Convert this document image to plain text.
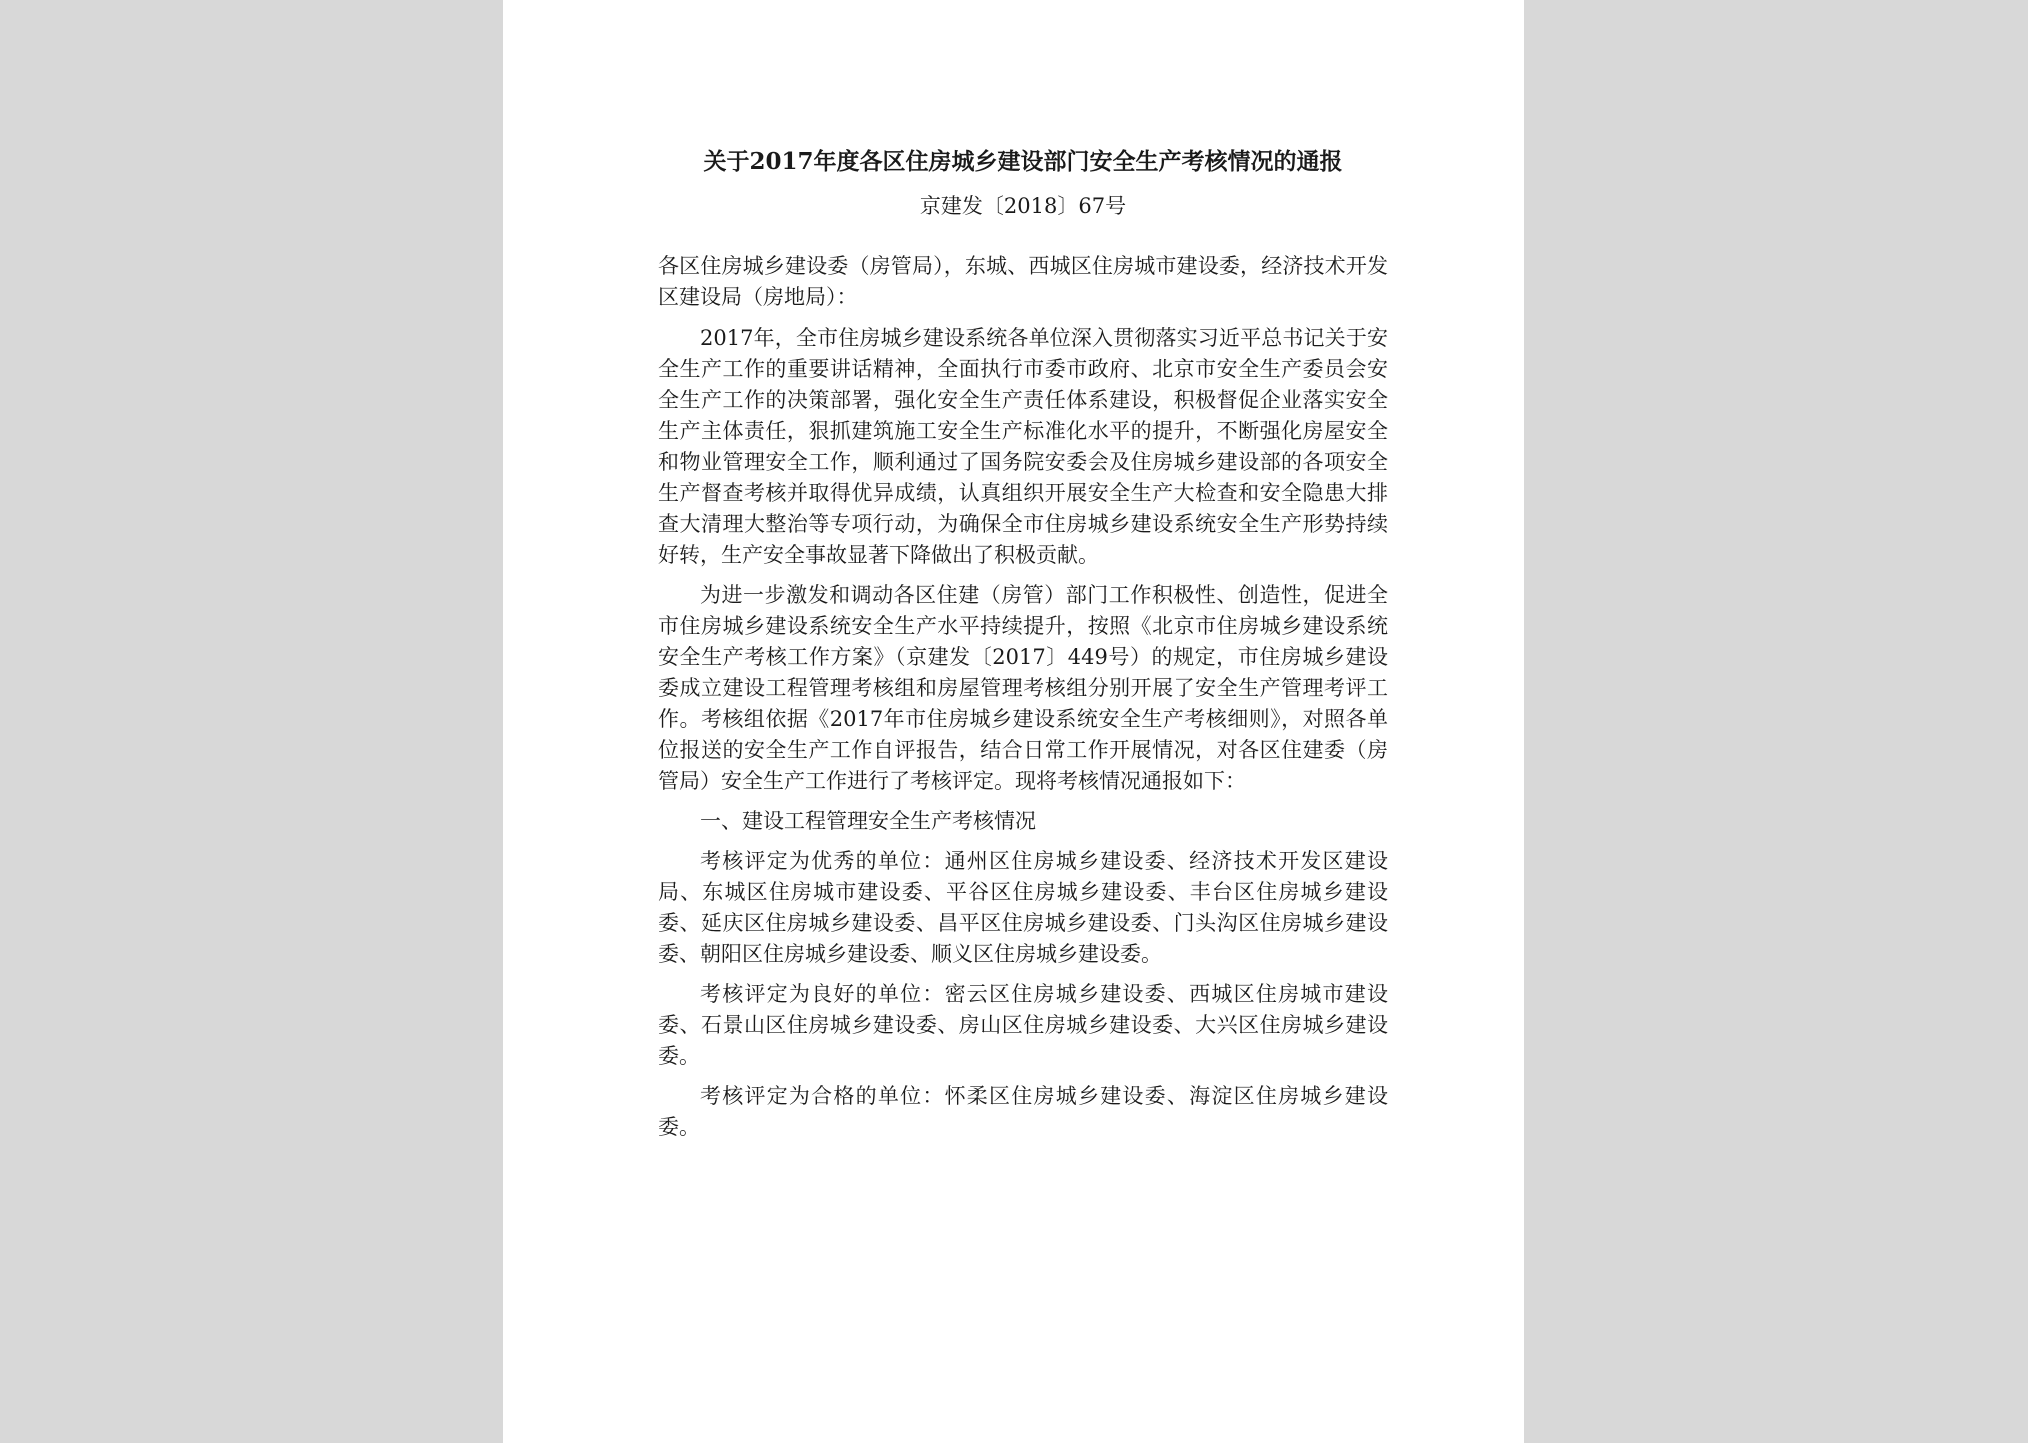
关于2017年度各区住房城乡建设部门安全生产考核情况的通报
京建发〔2018〕67号

各区住房城乡建设委（房管局），东城、西城区住房城市建设委，经济技术开发区建设局（房地局）：

2017年，全市住房城乡建设系统各单位深入贯彻落实习近平总书记关于安全生产工作的重要讲话精神，全面执行市委市政府、北京市安全生产委员会安全生产工作的决策部署，强化安全生产责任体系建设，积极督促企业落实安全生产主体责任，狠抓建筑施工安全生产标准化水平的提升，不断强化房屋安全和物业管理安全工作，顺利通过了国务院安委会及住房城乡建设部的各项安全生产督查考核并取得优异成绩，认真组织开展安全生产大检查和安全隐患大排查大清理大整治等专项行动，为确保全市住房城乡建设系统安全生产形势持续好转，生产安全事故显著下降做出了积极贡献。

为进一步激发和调动各区住建（房管）部门工作积极性、创造性，促进全市住房城乡建设系统安全生产水平持续提升，按照《北京市住房城乡建设系统安全生产考核工作方案》（京建发〔2017〕449号）的规定，市住房城乡建设委成立建设工程管理考核组和房屋管理考核组分别开展了安全生产管理考评工作。考核组依据《2017年市住房城乡建设系统安全生产考核细则》，对照各单位报送的安全生产工作自评报告，结合日常工作开展情况，对各区住建委（房管局）安全生产工作进行了考核评定。现将考核情况通报如下：

一、建设工程管理安全生产考核情况

考核评定为优秀的单位：通州区住房城乡建设委、经济技术开发区建设局、东城区住房城市建设委、平谷区住房城乡建设委、丰台区住房城乡建设委、延庆区住房城乡建设委、昌平区住房城乡建设委、门头沟区住房城乡建设委、朝阳区住房城乡建设委、顺义区住房城乡建设委。

考核评定为良好的单位：密云区住房城乡建设委、西城区住房城市建设委、石景山区住房城乡建设委、房山区住房城乡建设委、大兴区住房城乡建设委。

考核评定为合格的单位：怀柔区住房城乡建设委、海淀区住房城乡建设委。
